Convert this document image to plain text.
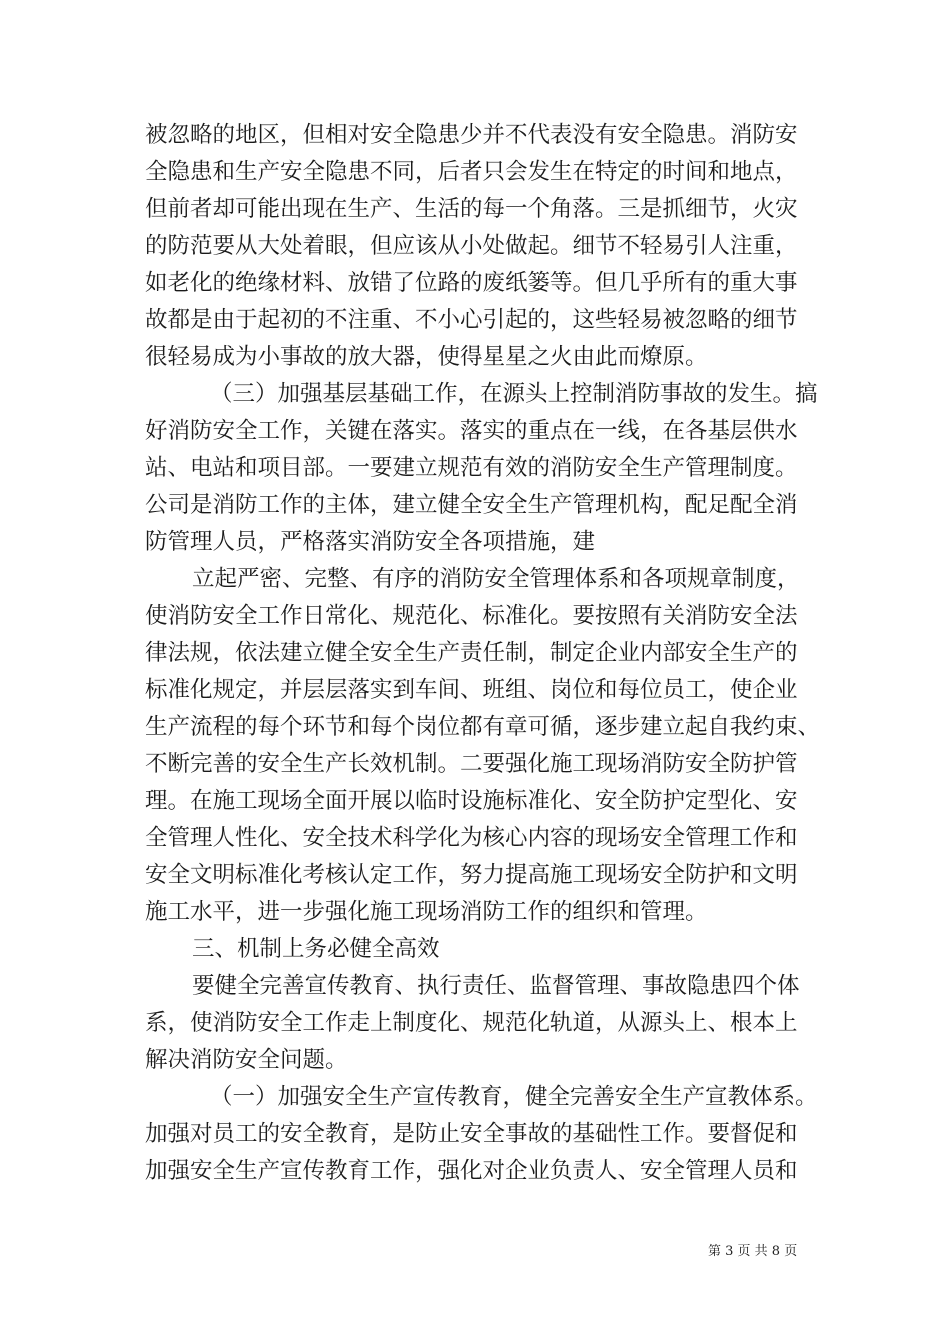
被忽略的地区，但相对安全隐患少并不代表没有安全隐患。消防安
全隐患和生产安全隐患不同，后者只会发生在特定的时间和地点，
但前者却可能出现在生产、生活的每一个角落。三是抓细节，火灾
的防范要从大处着眼，但应该从小处做起。细节不轻易引人注重，
如老化的绝缘材料、放错了位路的废纸篓等。但几乎所有的重大事
故都是由于起初的不注重、不小心引起的，这些轻易被忽略的细节
很轻易成为小事故的放大器，使得星星之火由此而燎原。
（三）加强基层基础工作，在源头上控制消防事故的发生。搞
好消防安全工作，关键在落实。落实的重点在一线，在各基层供水
站、电站和项目部。一要建立规范有效的消防安全生产管理制度。
公司是消防工作的主体，建立健全安全生产管理机构，配足配全消
防管理人员，严格落实消防安全各项措施，建
立起严密、完整、有序的消防安全管理体系和各项规章制度，
使消防安全工作日常化、规范化、标准化。要按照有关消防安全法
律法规，依法建立健全安全生产责任制，制定企业内部安全生产的
标准化规定，并层层落实到车间、班组、岗位和每位员工，使企业
生产流程的每个环节和每个岗位都有章可循，逐步建立起自我约束、
不断完善的安全生产长效机制。二要强化施工现场消防安全防护管
理。在施工现场全面开展以临时设施标准化、安全防护定型化、安
全管理人性化、安全技术科学化为核心内容的现场安全管理工作和
安全文明标准化考核认定工作，努力提高施工现场安全防护和文明
施工水平，进一步强化施工现场消防工作的组织和管理。
三、机制上务必健全高效
要健全完善宣传教育、执行责任、监督管理、事故隐患四个体
系，使消防安全工作走上制度化、规范化轨道，从源头上、根本上
解决消防安全问题。
（一）加强安全生产宣传教育，健全完善安全生产宣教体系。
加强对员工的安全教育，是防止安全事故的基础性工作。要督促和
加强安全生产宣传教育工作，强化对企业负责人、安全管理人员和
第 3 页 共 8 页
